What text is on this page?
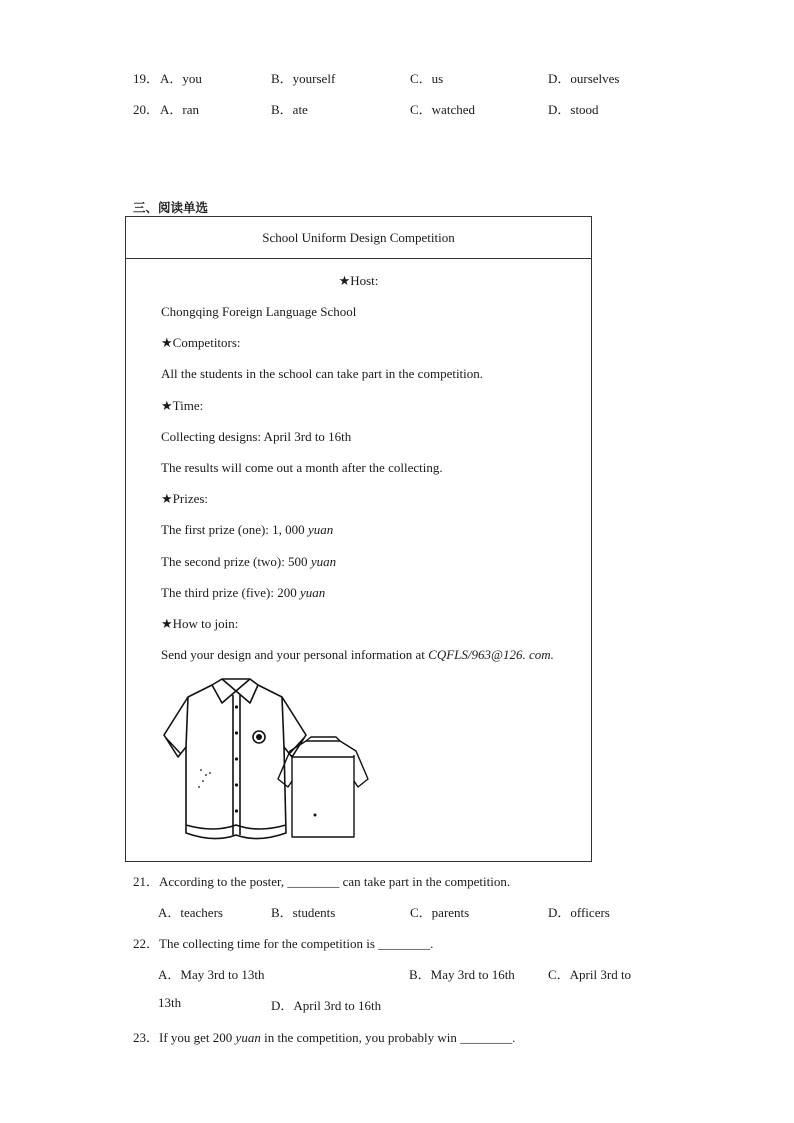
19． A．you	B．yourself	C．us	D．ourselves
20． A．ran	B．ate	C．watched	D．stood
三、阅读单选
School Uniform Design Competition
★Host:
Chongqing Foreign Language School
★Competitors:
All the students in the school can take part in the competition.
★Time:
Collecting designs: April 3rd to 16th
The results will come out a month after the collecting.
★Prizes:
The first prize (one): 1, 000 yuan
The second prize (two): 500 yuan
The third prize (five): 200 yuan
★How to join:
Send your design and your personal information at CQFLS/963@126. com.
21．According to the poster, ________ can take part in the competition.
A．teachers	B．students	C．parents	D．officers
22．The collecting time for the competition is ________.
A．May 3rd to 13th	B．May 3rd to 16th	C．April 3rd to
13th	D．April 3rd to 16th
23．If you get 200 yuan in the competition, you probably win ________.
